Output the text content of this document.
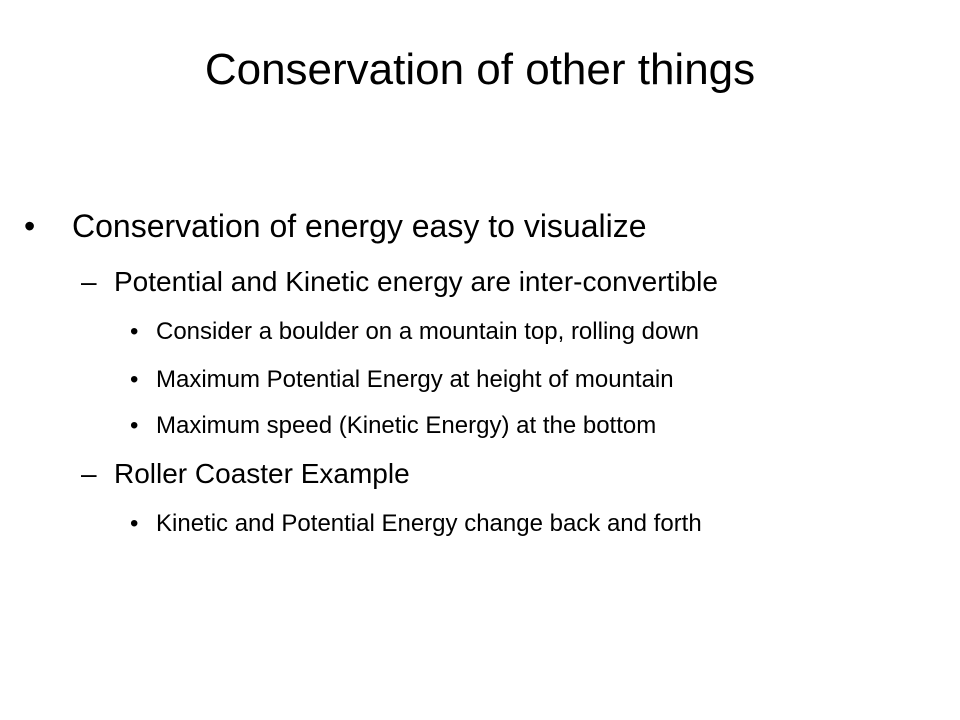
Conservation of other things
• Conservation of energy easy to visualize
– Potential and Kinetic energy are inter-convertible
• Consider a boulder on a mountain top, rolling down
• Maximum Potential Energy at height of mountain
• Maximum speed (Kinetic Energy) at the bottom
– Roller Coaster Example
• Kinetic and Potential Energy change back and forth
